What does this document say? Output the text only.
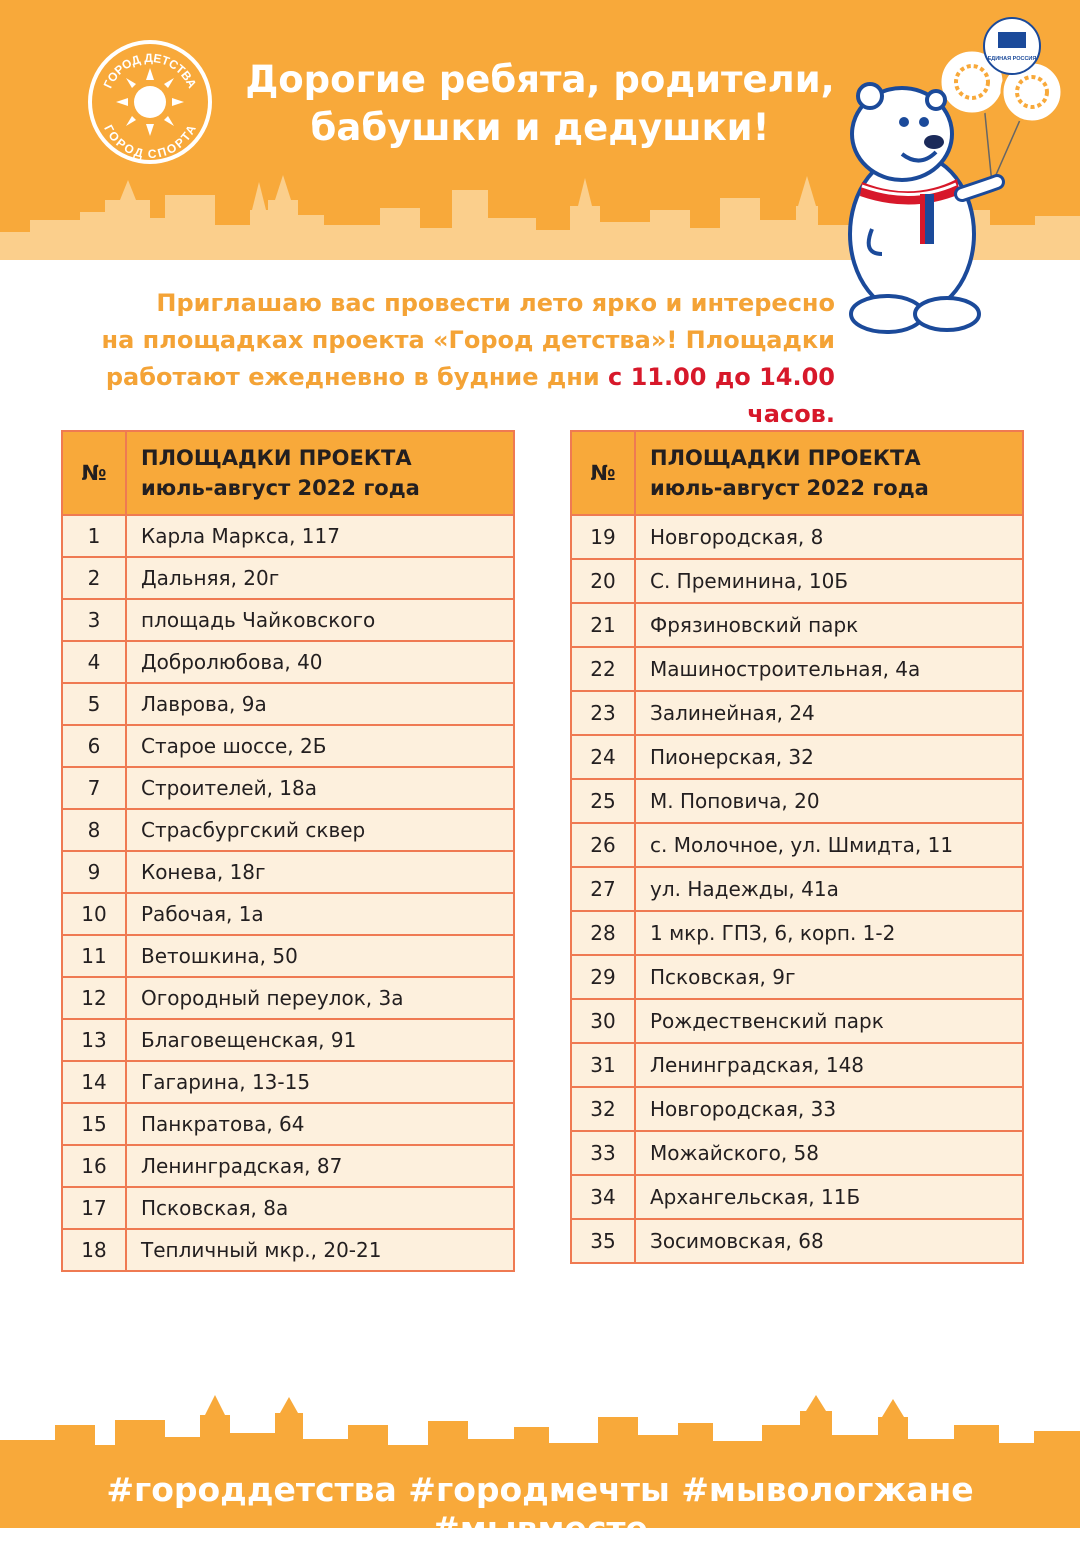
ГОРОД ДЕТСТВА
ГОРОД СПОРТА
Дорогие ребята, родители,
бабушки и дедушки!
ЕДИНАЯ РОССИЯ
Приглашаю вас провести лето ярко и интересно
на площадках проекта «Город детства»! Площадки
работают ежедневно в будние дни с 11.00 до 14.00 часов.
№	ПЛОЩАДКИ ПРОЕКТА
июль-август 2022 года

1	Карла Маркса, 117
2	Дальняя, 20г
3	площадь Чайковского
4	Добролюбова, 40
5	Лаврова, 9а
6	Старое шоссе, 2Б
7	Строителей, 18а
8	Страсбургский сквер
9	Конева, 18г
10	Рабочая, 1а
11	Ветошкина, 50
12	Огородный переулок, 3а
13	Благовещенская, 91
14	Гагарина, 13-15
15	Панкратова, 64
16	Ленинградская, 87
17	Псковская, 8а
18	Тепличный мкр., 20-21
№	ПЛОЩАДКИ ПРОЕКТА
июль-август 2022 года

19	Новгородская, 8
20	С. Преминина, 10Б
21	Фрязиновский парк
22	Машиностроительная, 4а
23	Залинейная, 24
24	Пионерская, 32
25	М. Поповича, 20
26	с. Молочное, ул. Шмидта, 11
27	ул. Надежды, 41а
28	1 мкр. ГПЗ, 6, корп. 1-2
29	Псковская, 9г
30	Рождественский парк
31	Ленинградская, 148
32	Новгородская, 33
33	Можайского, 58
34	Архангельская, 11Б
35	Зосимовская, 68
#городдетства #городмечты #мывологжане #мывместе
